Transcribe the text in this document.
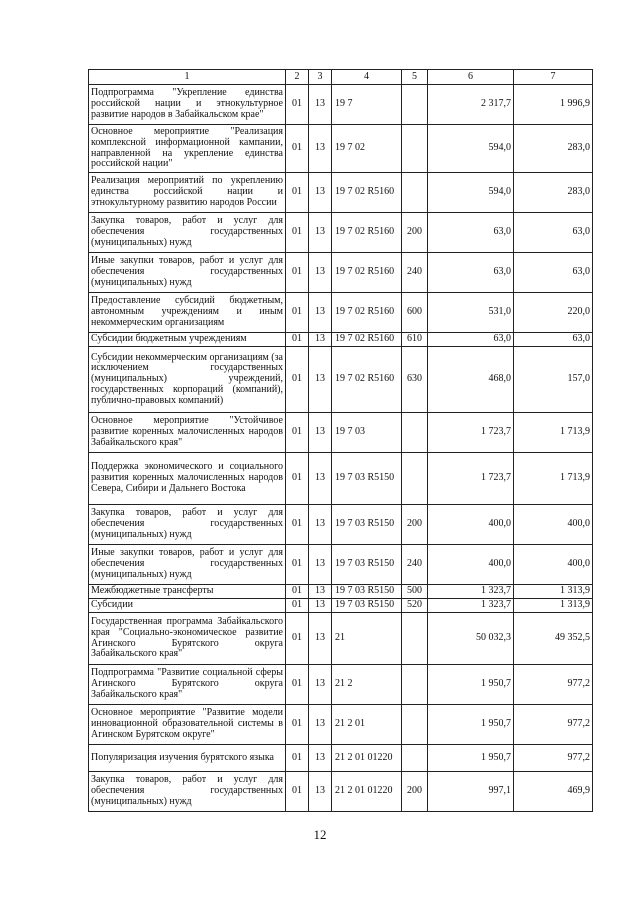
1	2	3	4	5	6	7
Подпрограмма "Укрепление единства российской нации и этнокультурное развитие народов в Забайкальском крае"	01	13	19 7		2 317,7	1 996,9
Основное мероприятие "Реализация комплексной информационной кампании, направленной на укрепление единства российской нации"	01	13	19 7 02		594,0	283,0
Реализация мероприятий по укреплению единства российской нации и этнокультурному развитию народов России	01	13	19 7 02 R5160		594,0	283,0
Закупка товаров, работ и услуг для обеспечения государственных (муниципальных) нужд	01	13	19 7 02 R5160	200	63,0	63,0
Иные закупки товаров, работ и услуг для обеспечения государственных (муниципальных) нужд	01	13	19 7 02 R5160	240	63,0	63,0
Предоставление субсидий бюджетным, автономным учреждениям и иным некоммерческим организациям	01	13	19 7 02 R5160	600	531,0	220,0
Субсидии бюджетным учреждениям	01	13	19 7 02 R5160	610	63,0	63,0
Субсидии некоммерческим организациям (за исключением государственных (муниципальных) учреждений, государственных корпораций (компаний), публично-правовых компаний)	01	13	19 7 02 R5160	630	468,0	157,0
Основное мероприятие "Устойчивое развитие коренных малочисленных народов Забайкальского края"	01	13	19 7 03		1 723,7	1 713,9
Поддержка экономического и социального развития коренных малочисленных народов Севера, Сибири и Дальнего Востока	01	13	19 7 03 R5150		1 723,7	1 713,9
Закупка товаров, работ и услуг для обеспечения государственных (муниципальных) нужд	01	13	19 7 03 R5150	200	400,0	400,0
Иные закупки товаров, работ и услуг для обеспечения государственных (муниципальных) нужд	01	13	19 7 03 R5150	240	400,0	400,0
Межбюджетные трансферты	01	13	19 7 03 R5150	500	1 323,7	1 313,9
Субсидии	01	13	19 7 03 R5150	520	1 323,7	1 313,9
Государственная программа Забайкальского края "Социально-экономическое развитие Агинского Бурятского округа Забайкальского края"	01	13	21		50 032,3	49 352,5
Подпрограмма "Развитие социальной сферы Агинского Бурятского округа Забайкальского края"	01	13	21 2		1 950,7	977,2
Основное мероприятие "Развитие модели инновационной образовательной системы в Агинском Бурятском округе"	01	13	21 2 01		1 950,7	977,2
Популяризация изучения бурятского языка	01	13	21 2 01 01220		1 950,7	977,2
Закупка товаров, работ и услуг для обеспечения государственных (муниципальных) нужд	01	13	21 2 01 01220	200	997,1	469,9
12
